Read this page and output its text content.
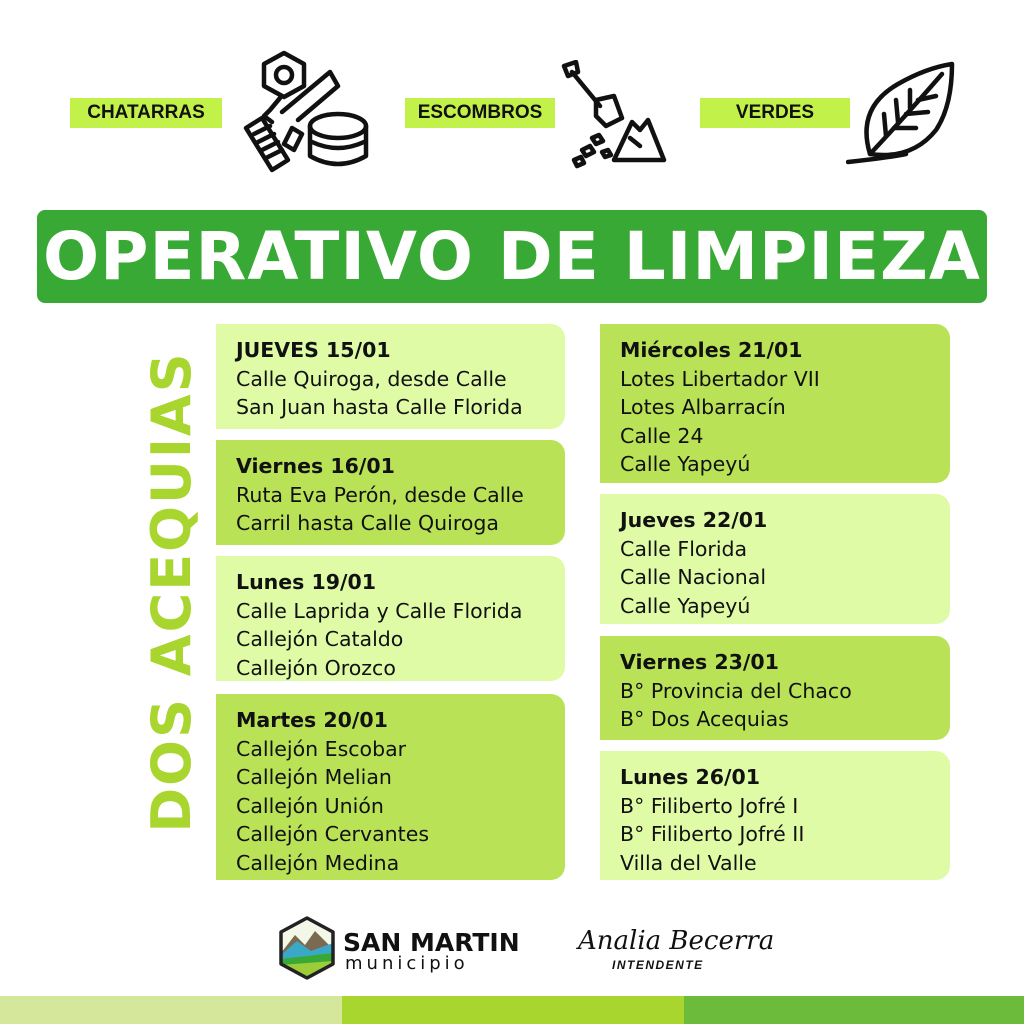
CHATARRAS	ESCOMBROS	VERDES
OPERATIVO DE LIMPIEZA
DOS ACEQUIAS
JUEVES 15/01
Calle Quiroga, desde Calle
San Juan hasta Calle Florida
Viernes 16/01
Ruta Eva Perón, desde Calle
Carril hasta Calle Quiroga
Lunes 19/01
Calle Laprida y Calle Florida
Callejón Cataldo
Callejón Orozco
Martes 20/01
Callejón Escobar
Callejón Melian
Callejón Unión
Callejón Cervantes
Callejón Medina
Miércoles 21/01
Lotes Libertador VII
Lotes Albarracín
Calle 24
Calle Yapeyú
Jueves 22/01
Calle Florida
Calle Nacional
Calle Yapeyú
Viernes 23/01
B° Provincia del Chaco
B° Dos Acequias
Lunes 26/01
B° Filiberto Jofré I
B° Filiberto Jofré II
Villa del Valle
SAN MARTIN
municipio
Analia Becerra
INTENDENTE
